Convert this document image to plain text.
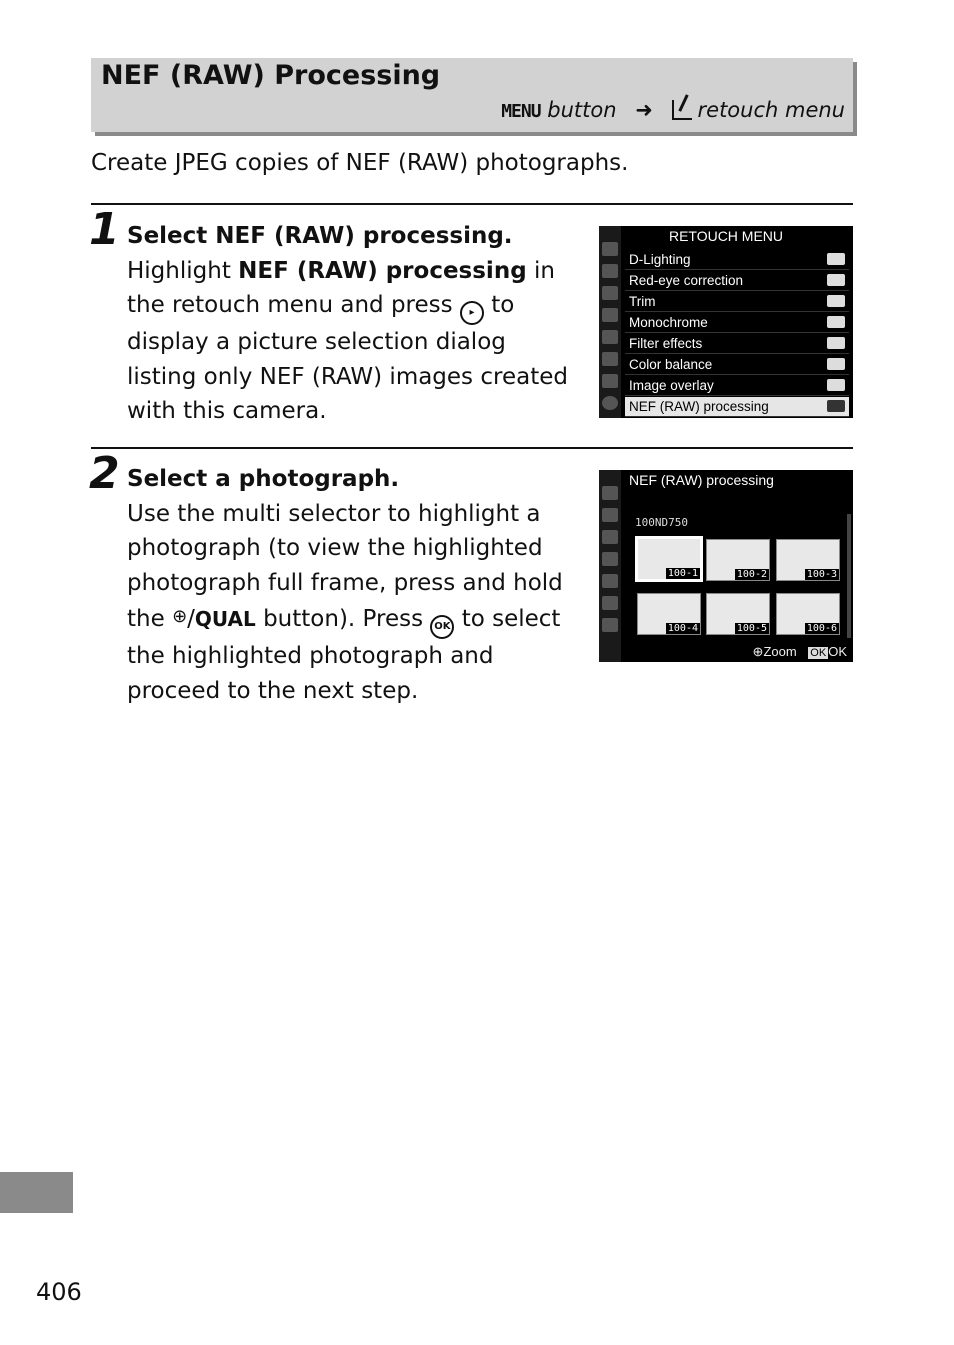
NEF (RAW) Processing
MENU button ➜ retouch menu
Create JPEG copies of NEF (RAW) photographs.
1 Select NEF (RAW) processing.
Highlight NEF (RAW) processing in the retouch menu and press ▸ to display a picture selection dialog listing only NEF (RAW) images created with this camera.
RETOUCH MENU
D-Lighting
Red-eye correction
Trim
Monochrome
Filter effects
Color balance
Image overlay
NEF (RAW) processing
2 Select a photograph.
Use the multi selector to highlight a photograph (to view the highlighted photograph full frame, press and hold the ⊕/QUAL button). Press OK to select the highlighted photograph and proceed to the next step.
NEF (RAW) processing
100ND750
100-1	100-2	100-3
100-4	100-5	100-6
⊕Zoom OK OK
406
